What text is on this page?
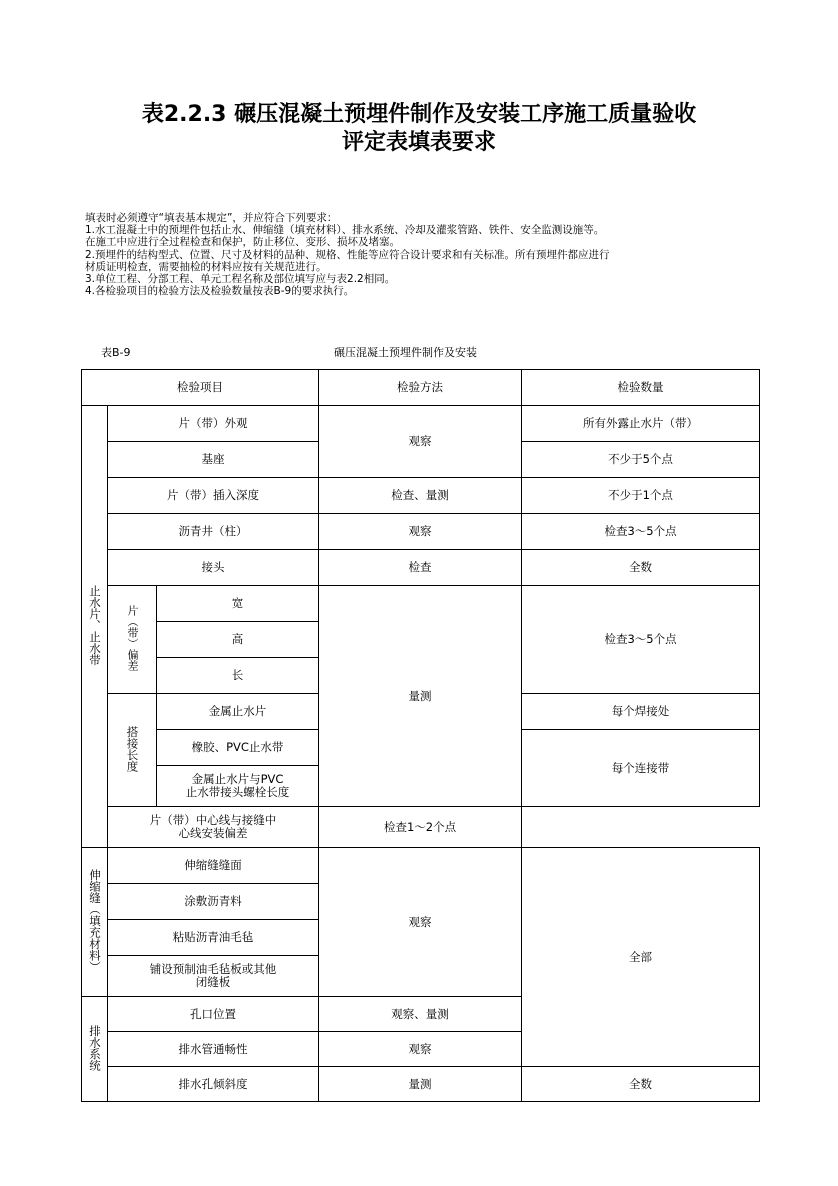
表2.2.3 碾压混凝土预埋件制作及安装工序施工质量验收
评定表填表要求
填表时必须遵守“填表基本规定”，并应符合下列要求：
1.水工混凝土中的预埋件包括止水、伸缩缝（填充材料）、排水系统、冷却及灌浆管路、铁件、安全监测设施等。
在施工中应进行全过程检查和保护，防止移位、变形、损坏及堵塞。
2.预埋件的结构型式、位置、尺寸及材料的品种、规格、性能等应符合设计要求和有关标准。所有预埋件都应进行
材质证明检查，需要抽检的材料应按有关规范进行。
3.单位工程、分部工程、单元工程名称及部位填写应与表2.2相同。
4.各检验项目的检验方法及检验数量按表B-9的要求执行。
表B-9	碾压混凝土预埋件制作及安装
检验项目			检验方法	检验数量
止水片、止水带	片（带）外观		观察	所有外露止水片（带）
	基座			不少于5个点
	片（带）插入深度		检查、量测	不少于1个点
	沥青井（柱）		观察	检查3～5个点
	接头		检查	全数
	片（带）偏差	宽	量测	检查3～5个点
		高		
		长		
	搭接长度	金属止水片		每个焊接处
		橡胶、PVC止水带		每个连接带
		金属止水片与PVC
止水带接头螺栓长度		
	片（带）中心线与接缝中
心线安装偏差		检查1～2个点	
伸缩缝（填充材料）	伸缩缝缝面		观察	全部
	涂敷沥青料			
	粘贴沥青油毛毡			
	铺设预制油毛毡板或其他
闭缝板			
排水系统	孔口位置		观察、量测	
	排水管通畅性		观察	
	排水孔倾斜度		量测	全数
